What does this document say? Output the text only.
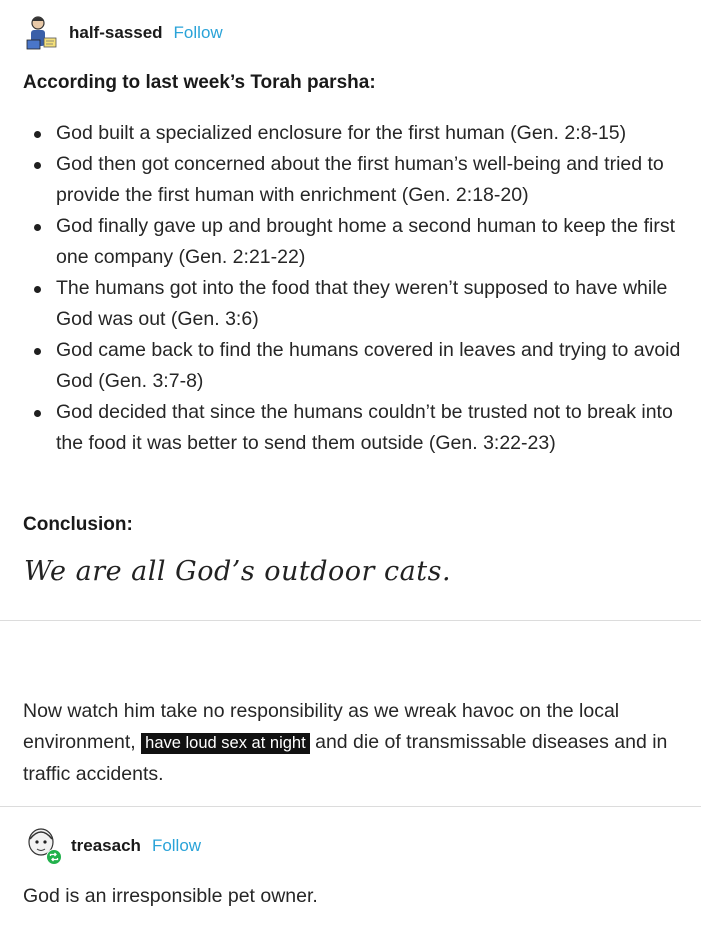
half-sassed Follow
According to last week’s Torah parsha:
God built a specialized enclosure for the first human (Gen. 2:8-15)
God then got concerned about the first human’s well-being and tried to provide the first human with enrichment (Gen. 2:18-20)
God finally gave up and brought home a second human to keep the first one company (Gen. 2:21-22)
The humans got into the food that they weren’t supposed to have while God was out (Gen. 3:6)
God came back to find the humans covered in leaves and trying to avoid God (Gen. 3:7-8)
God decided that since the humans couldn’t be trusted not to break into the food it was better to send them outside (Gen. 3:22-23)
Conclusion:
We are all God’s outdoor cats.
Now watch him take no responsibility as we wreak havoc on the local environment, have loud sex at night and die of transmissable diseases and in traffic accidents.
treasach Follow
God is an irresponsible pet owner.
